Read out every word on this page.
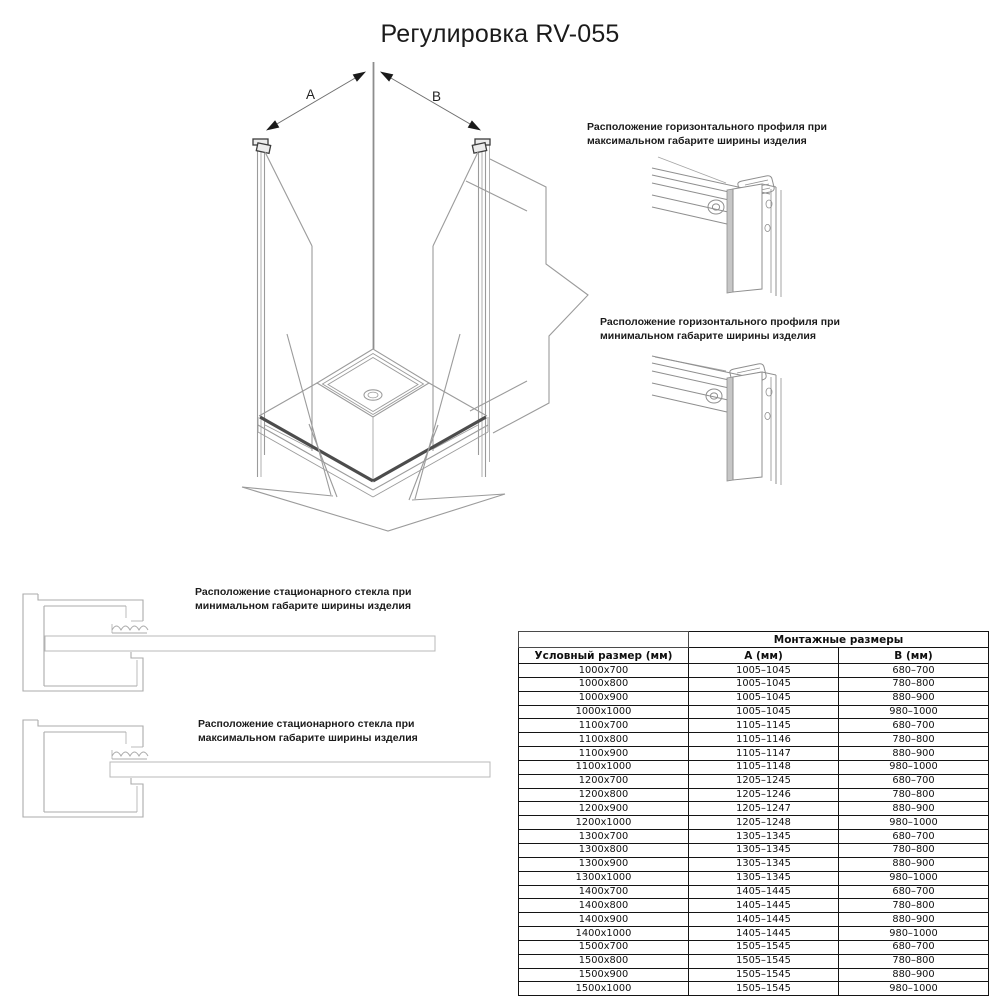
A	B
Регулировка RV-055
Расположение горизонтального профиля при
максимальном габарите ширины изделия
Расположение горизонтального профиля при
минимальном габарите ширины изделия
Расположение стационарного стекла при
минимальном габарите ширины изделия
Расположение стационарного стекла при
максимальном габарите ширины изделия
	Монтажные размеры	
Условный размер (мм)	А (мм)	В (мм)
1000x700	1005–1045	680–700
1000x800	1005–1045	780–800
1000x900	1005–1045	880–900
1000x1000	1005–1045	980–1000
1100x700	1105–1145	680–700
1100x800	1105–1146	780–800
1100x900	1105–1147	880–900
1100x1000	1105–1148	980–1000
1200x700	1205–1245	680–700
1200x800	1205–1246	780–800
1200x900	1205–1247	880–900
1200x1000	1205–1248	980–1000
1300x700	1305–1345	680–700
1300x800	1305–1345	780–800
1300x900	1305–1345	880–900
1300x1000	1305–1345	980–1000
1400x700	1405–1445	680–700
1400x800	1405–1445	780–800
1400x900	1405–1445	880–900
1400x1000	1405–1445	980–1000
1500x700	1505–1545	680–700
1500x800	1505–1545	780–800
1500x900	1505–1545	880–900
1500x1000	1505–1545	980–1000
